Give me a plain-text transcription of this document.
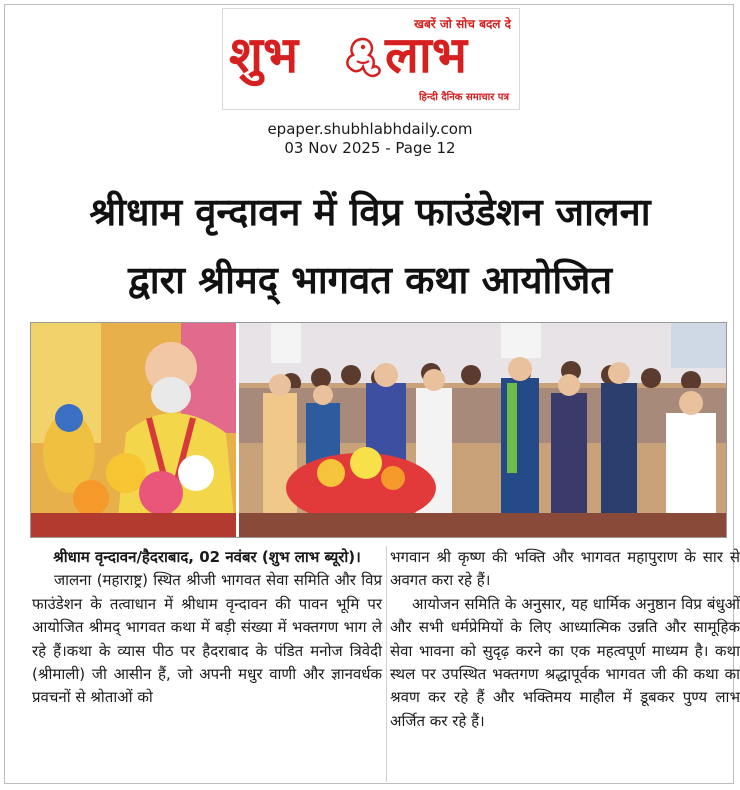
खबरें जो सोच बदल दे
शुभ लाभ
हिन्दी दैनिक समाचार पत्र
epaper.shubhlabhdaily.com
03 Nov 2025 - Page 12
श्रीधाम वृन्दावन में विप्र फाउंडेशन जालना
द्वारा श्रीमद् भागवत कथा आयोजित
श्रीधाम वृन्दावन/हैदराबाद, 02 नवंबर (शुभ लाभ ब्यूरो)।
जालना (महाराष्ट्र) स्थित श्रीजी भागवत सेवा समिति और विप्र फाउंडेशन के तत्वाधान में श्रीधाम वृन्दावन की पावन भूमि पर आयोजित श्रीमद् भागवत कथा में बड़ी संख्या में भक्तगण भाग ले रहे हैं।कथा के व्यास पीठ पर हैदराबाद के पंडित मनोज त्रिवेदी (श्रीमाली) जी आसीन हैं, जो अपनी मधुर वाणी और ज्ञानवर्धक प्रवचनों से श्रोताओं को
भगवान श्री कृष्ण की भक्ति और भागवत महापुराण के सार से अवगत करा रहे हैं।
आयोजन समिति के अनुसार, यह धार्मिक अनुष्ठान विप्र बंधुओं और सभी धर्मप्रेमियों के लिए आध्यात्मिक उन्नति और सामूहिक सेवा भावना को सुदृढ़ करने का एक महत्वपूर्ण माध्यम है। कथा स्थल पर उपस्थित भक्तगण श्रद्धापूर्वक भागवत जी की कथा का श्रवण कर रहे हैं और भक्तिमय माहौल में डूबकर पुण्य लाभ अर्जित कर रहे हैं।
